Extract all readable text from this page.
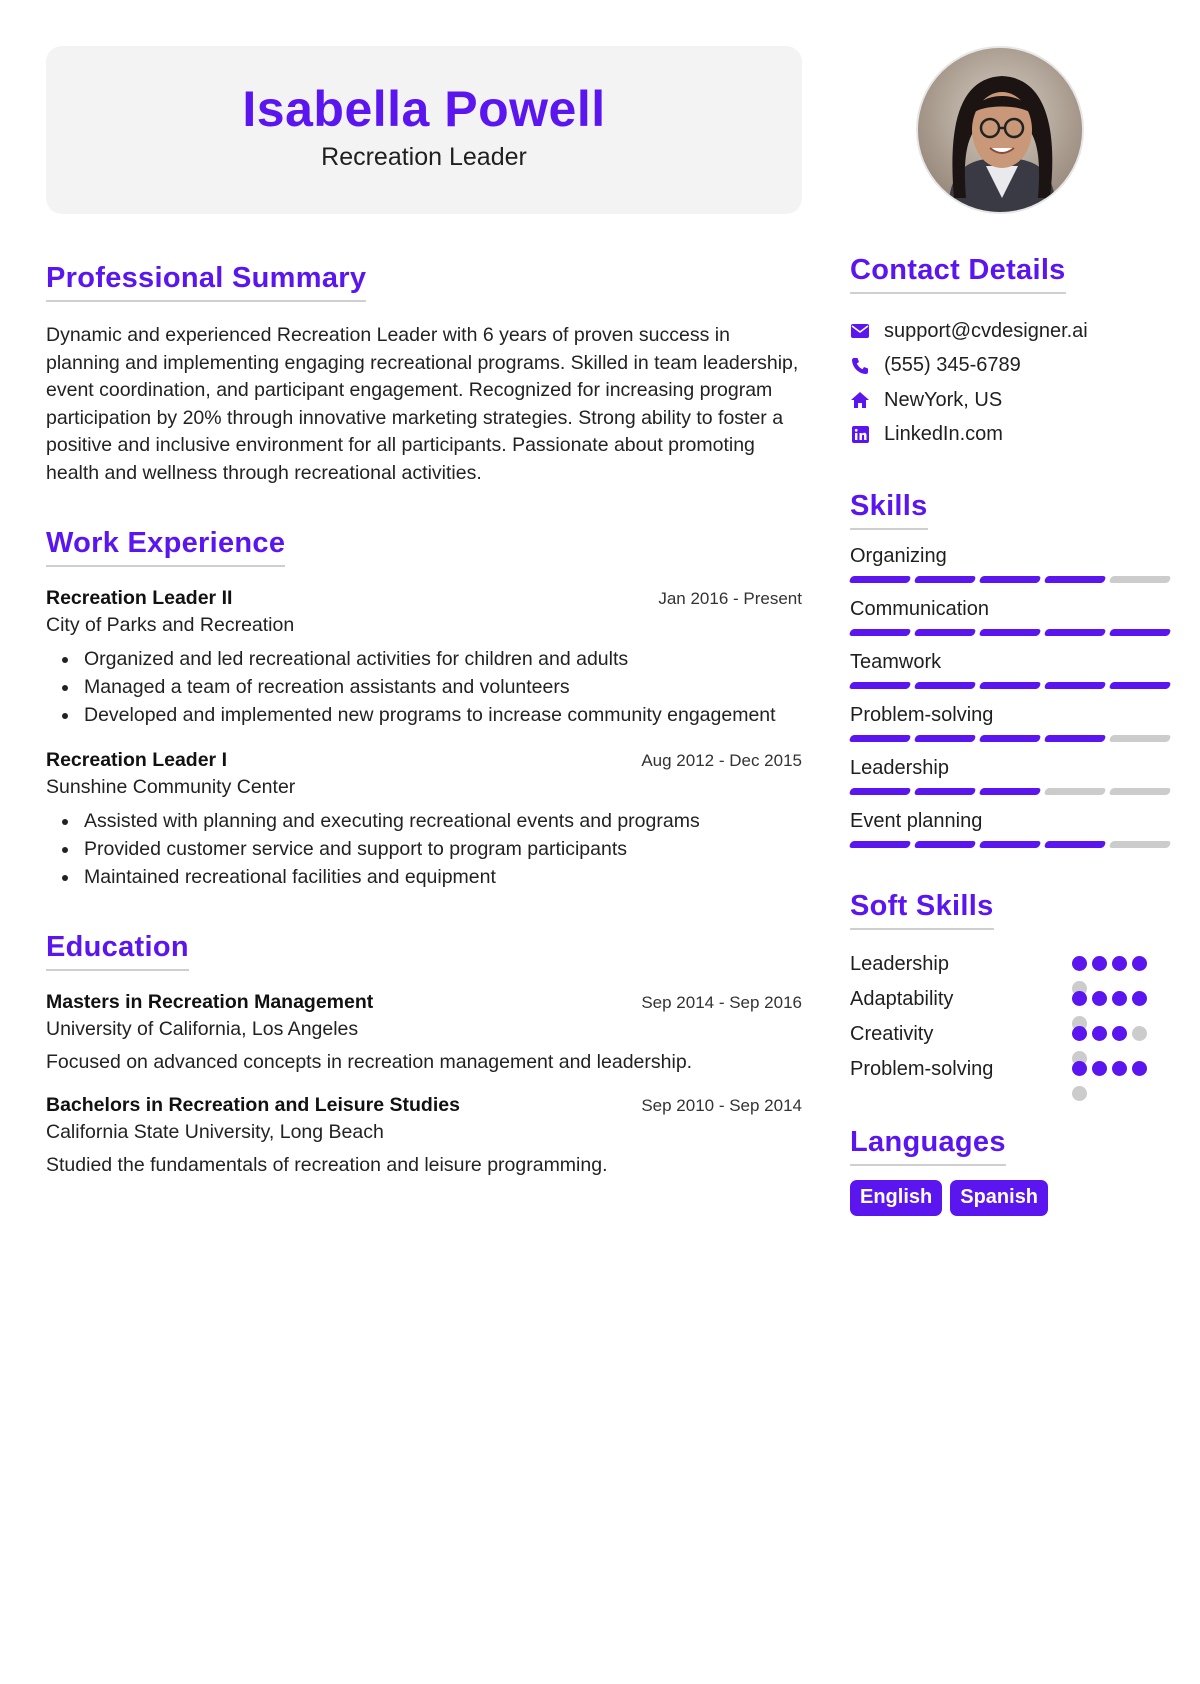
Isabella Powell
Recreation Leader
Professional Summary

Dynamic and experienced Recreation Leader with 6 years of proven success in planning and implementing engaging recreational programs. Skilled in team leadership, event coordination, and participant engagement. Recognized for increasing program participation by 20% through innovative marketing strategies. Strong ability to foster a positive and inclusive environment for all participants. Passionate about promoting health and wellness through recreational activities.

Work Experience
Recreation Leader II	Jan 2016 - Present
City of Parks and Recreation
Organized and led recreational activities for children and adults
Managed a team of recreation assistants and volunteers
Developed and implemented new programs to increase community engagement
Recreation Leader I	Aug 2012 - Dec 2015
Sunshine Community Center
Assisted with planning and executing recreational events and programs
Provided customer service and support to program participants
Maintained recreational facilities and equipment
Education
Masters in Recreation Management	Sep 2014 - Sep 2016
University of California, Los Angeles
Focused on advanced concepts in recreation management and leadership.
Bachelors in Recreation and Leisure Studies	Sep 2010 - Sep 2014
California State University, Long Beach
Studied the fundamentals of recreation and leisure programming.
Contact Details
support@cvdesigner.ai
(555) 345-6789
NewYork, US
LinkedIn.com
Skills
Organizing
Communication
Teamwork
Problem-solving
Leadership
Event planning
Soft Skills
Leadership
Adaptability
Creativity
Problem-solving
Languages
English	Spanish
